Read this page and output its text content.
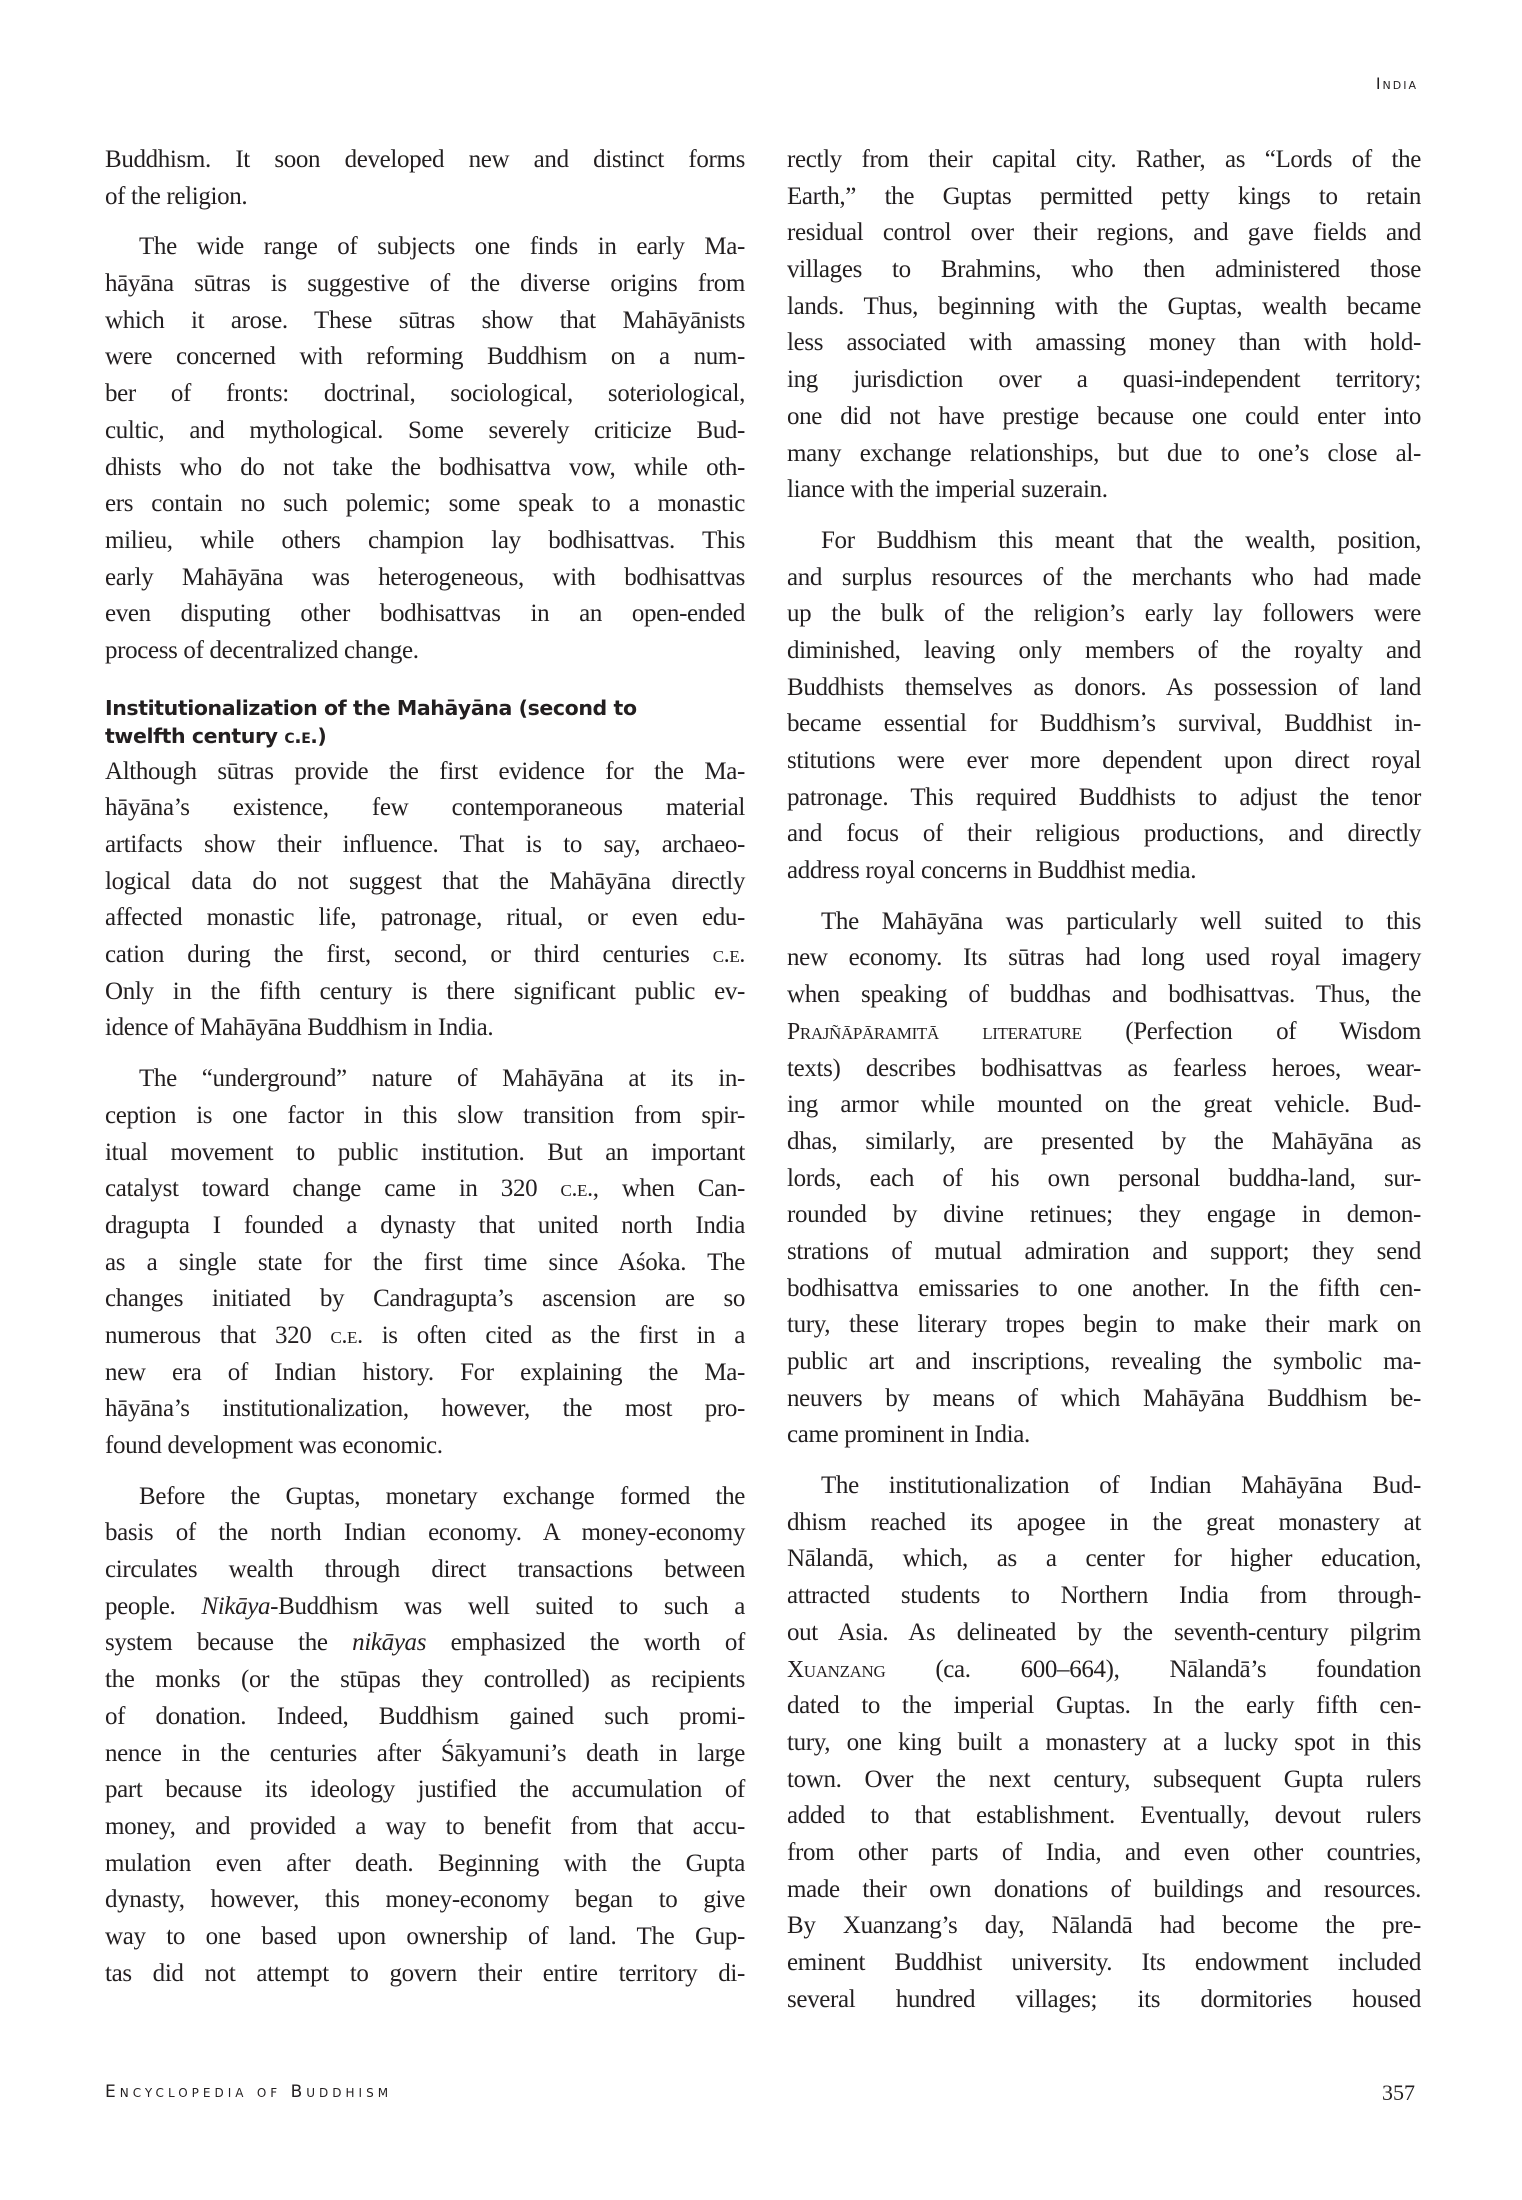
India
Buddhism. It soon developed new and distinct forms
of the religion.
The wide range of subjects one finds in early Ma-
hāyāna sūtras is suggestive of the diverse origins from
which it arose. These sūtras show that Mahāyānists
were concerned with reforming Buddhism on a num-
ber of fronts: doctrinal, sociological, soteriological,
cultic, and mythological. Some severely criticize Bud-
dhists who do not take the bodhisattva vow, while oth-
ers contain no such polemic; some speak to a monastic
milieu, while others champion lay bodhisattvas. This
early Mahāyāna was heterogeneous, with bodhisattvas
even disputing other bodhisattvas in an open-ended
process of decentralized change.
Institutionalization of the Mahāyāna (second to
twelfth century c.e.)
Although sūtras provide the first evidence for the Ma-
hāyāna’s existence, few contemporaneous material
artifacts show their influence. That is to say, archaeo-
logical data do not suggest that the Mahāyāna directly
affected monastic life, patronage, ritual, or even edu-
cation during the first, second, or third centuries c.e.
Only in the fifth century is there significant public ev-
idence of Mahāyāna Buddhism in India.
The “underground” nature of Mahāyāna at its in-
ception is one factor in this slow transition from spir-
itual movement to public institution. But an important
catalyst toward change came in 320 c.e., when Can-
dragupta I founded a dynasty that united north India
as a single state for the first time since Aśoka. The
changes initiated by Candragupta’s ascension are so
numerous that 320 c.e. is often cited as the first in a
new era of Indian history. For explaining the Ma-
hāyāna’s institutionalization, however, the most pro-
found development was economic.
Before the Guptas, monetary exchange formed the
basis of the north Indian economy. A money-economy
circulates wealth through direct transactions between
people. Nikāya-Buddhism was well suited to such a
system because the nikāyas emphasized the worth of
the monks (or the stūpas they controlled) as recipients
of donation. Indeed, Buddhism gained such promi-
nence in the centuries after Śākyamuni’s death in large
part because its ideology justified the accumulation of
money, and provided a way to benefit from that accu-
mulation even after death. Beginning with the Gupta
dynasty, however, this money-economy began to give
way to one based upon ownership of land. The Gup-
tas did not attempt to govern their entire territory di-
rectly from their capital city. Rather, as “Lords of the
Earth,” the Guptas permitted petty kings to retain
residual control over their regions, and gave fields and
villages to Brahmins, who then administered those
lands. Thus, beginning with the Guptas, wealth became
less associated with amassing money than with hold-
ing jurisdiction over a quasi-independent territory;
one did not have prestige because one could enter into
many exchange relationships, but due to one’s close al-
liance with the imperial suzerain.
For Buddhism this meant that the wealth, position,
and surplus resources of the merchants who had made
up the bulk of the religion’s early lay followers were
diminished, leaving only members of the royalty and
Buddhists themselves as donors. As possession of land
became essential for Buddhism’s survival, Buddhist in-
stitutions were ever more dependent upon direct royal
patronage. This required Buddhists to adjust the tenor
and focus of their religious productions, and directly
address royal concerns in Buddhist media.
The Mahāyāna was particularly well suited to this
new economy. Its sūtras had long used royal imagery
when speaking of buddhas and bodhisattvas. Thus, the
Prajñāpāramitā literature (Perfection of Wisdom
texts) describes bodhisattvas as fearless heroes, wear-
ing armor while mounted on the great vehicle. Bud-
dhas, similarly, are presented by the Mahāyāna as
lords, each of his own personal buddha-land, sur-
rounded by divine retinues; they engage in demon-
strations of mutual admiration and support; they send
bodhisattva emissaries to one another. In the fifth cen-
tury, these literary tropes begin to make their mark on
public art and inscriptions, revealing the symbolic ma-
neuvers by means of which Mahāyāna Buddhism be-
came prominent in India.
The institutionalization of Indian Mahāyāna Bud-
dhism reached its apogee in the great monastery at
Nālandā, which, as a center for higher education,
attracted students to Northern India from through-
out Asia. As delineated by the seventh-century pilgrim
Xuanzang (ca. 600–664), Nālandā’s foundation
dated to the imperial Guptas. In the early fifth cen-
tury, one king built a monastery at a lucky spot in this
town. Over the next century, subsequent Gupta rulers
added to that establishment. Eventually, devout rulers
from other parts of India, and even other countries,
made their own donations of buildings and resources.
By Xuanzang’s day, Nālandā had become the pre-
eminent Buddhist university. Its endowment included
several hundred villages; its dormitories housed
Encyclopedia of Buddhism	357
